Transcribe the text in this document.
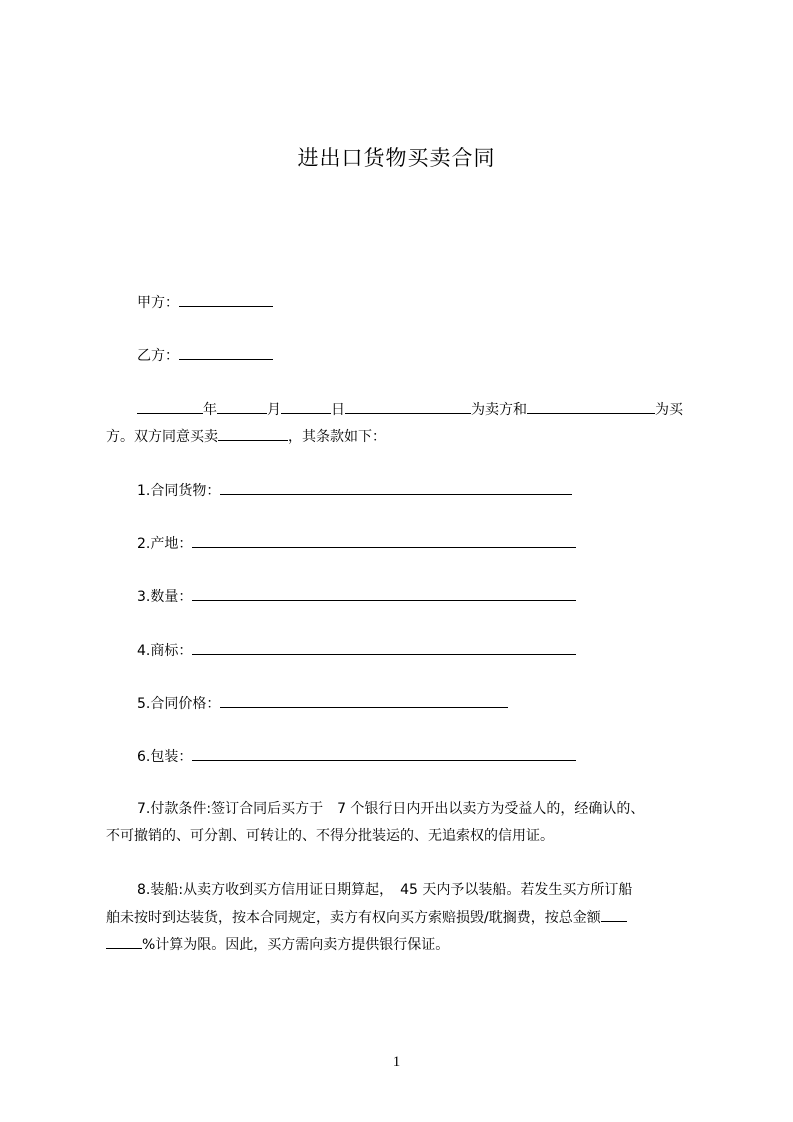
进出口货物买卖合同
甲方：
乙方：
年	月	日	为卖方和	为买
方。双方同意买卖	，其条款如下：
1.合同货物：
2.产地：
3.数量：
4.商标：
5.合同价格：
6.包装：
7.付款条件:签订合同后买方于　7 个银行日内开出以卖方为受益人的，经确认的、
不可撤销的、可分割、可转让的、不得分批装运的、无追索权的信用证。
8.装船:从卖方收到买方信用证日期算起，　45 天内予以装船。若发生买方所订船
舶未按时到达装货，按本合同规定，卖方有权向买方索赔损毁/耽搁费，按总金额
%计算为限。因此，买方需向卖方提供银行保证。
1
